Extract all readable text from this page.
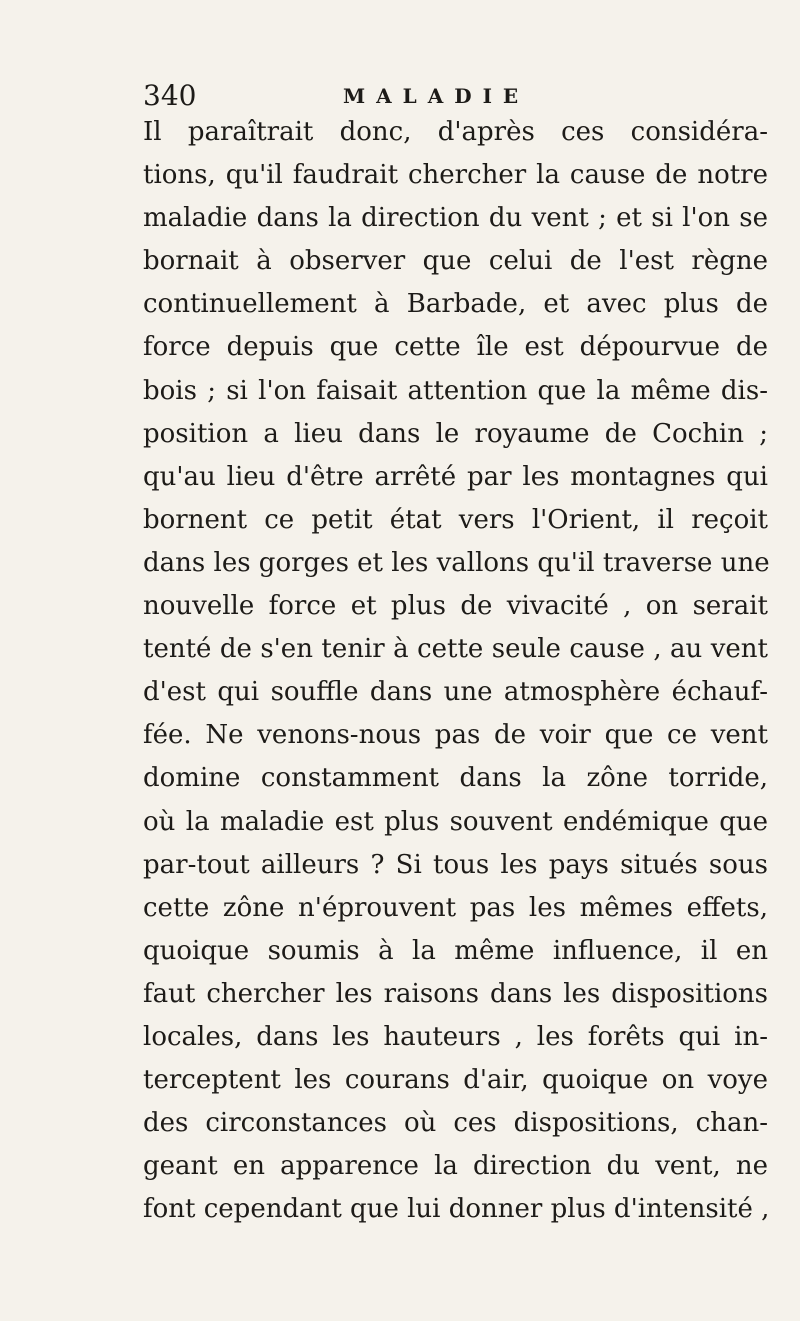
340	MALADIE
Il paraîtrait donc, d'après ces considéra-
tions, qu'il faudrait chercher la cause de notre
maladie dans la direction du vent ; et si l'on se
bornait à observer que celui de l'est règne
continuellement à Barbade, et avec plus de
force depuis que cette île est dépourvue de
bois ; si l'on faisait attention que la même dis-
position a lieu dans le royaume de Cochin ;
qu'au lieu d'être arrêté par les montagnes qui
bornent ce petit état vers l'Orient, il reçoit
dans les gorges et les vallons qu'il traverse une
nouvelle force et plus de vivacité , on serait
tenté de s'en tenir à cette seule cause , au vent
d'est qui souffle dans une atmosphère échauf-
fée. Ne venons-nous pas de voir que ce vent
domine constamment dans la zône torride,
où la maladie est plus souvent endémique que
par-tout ailleurs ? Si tous les pays situés sous
cette zône n'éprouvent pas les mêmes effets,
quoique soumis à la même influence, il en
faut chercher les raisons dans les dispositions
locales, dans les hauteurs , les forêts qui in-
terceptent les courans d'air, quoique on voye
des circonstances où ces dispositions, chan-
geant en apparence la direction du vent, ne
font cependant que lui donner plus d'intensité ,
